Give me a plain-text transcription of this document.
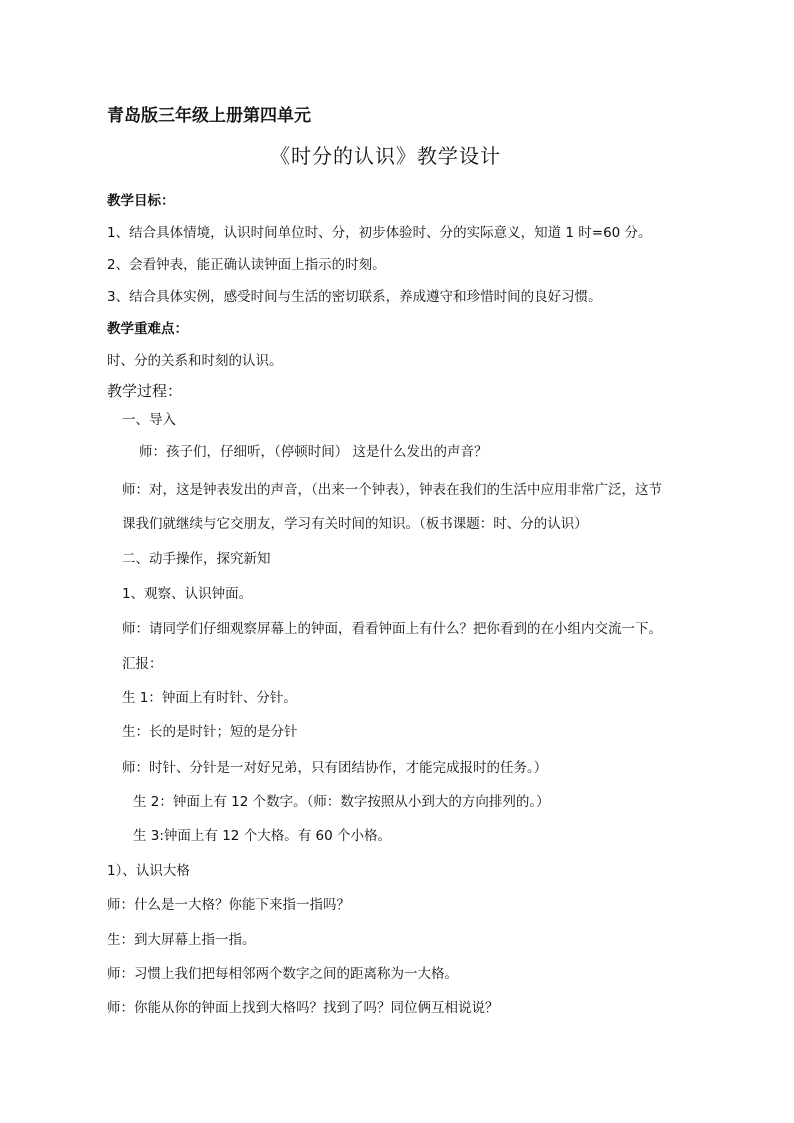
青岛版三年级上册第四单元
《时分的认识》教学设计
教学目标：
1、结合具体情境，认识时间单位时、分，初步体验时、分的实际意义，知道 1 时=60 分。
2、会看钟表，能正确认读钟面上指示的时刻。
3、结合具体实例，感受时间与生活的密切联系，养成遵守和珍惜时间的良好习惯。
教学重难点：
时、分的关系和时刻的认识。
教学过程：
一、导入
师：孩子们，仔细听，（停顿时间） 这是什么发出的声音？
师：对，这是钟表发出的声音，（出来一个钟表），钟表在我们的生活中应用非常广泛，这节
课我们就继续与它交朋友，学习有关时间的知识。（板书课题：时、分的认识）
二、动手操作，探究新知
1、观察、认识钟面。
师：请同学们仔细观察屏幕上的钟面，看看钟面上有什么？把你看到的在小组内交流一下。
汇报：
生 1：钟面上有时针、分针。
生：长的是时针；短的是分针
师：时针、分针是一对好兄弟，只有团结协作，才能完成报时的任务。）
生 2：钟面上有 12 个数字。（师：数字按照从小到大的方向排列的。）
生 3:钟面上有 12 个大格。有 60 个小格。
1）、认识大格
师：什么是一大格？你能下来指一指吗？
生：到大屏幕上指一指。
师：习惯上我们把每相邻两个数字之间的距离称为一大格。
师：你能从你的钟面上找到大格吗？找到了吗？同位俩互相说说？
